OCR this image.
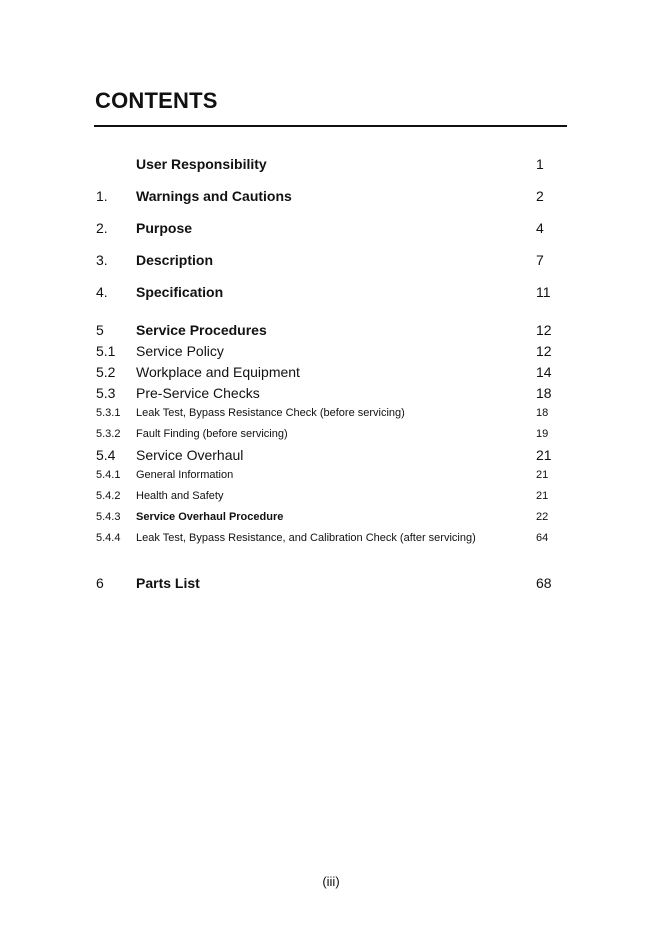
CONTENTS
User Responsibility	1
1. Warnings and Cautions	2
2. Purpose	4
3. Description	7
4. Specification	11
5 Service Procedures	12
5.1 Service Policy	12
5.2 Workplace and Equipment	14
5.3 Pre-Service Checks	18
5.3.1 Leak Test, Bypass Resistance Check (before servicing)	18
5.3.2 Fault Finding (before servicing)	19
5.4 Service Overhaul	21
5.4.1 General Information	21
5.4.2 Health and Safety	21
5.4.3 Service Overhaul Procedure	22
5.4.4 Leak Test, Bypass Resistance, and Calibration Check (after servicing)	64
6 Parts List	68
(iii)
